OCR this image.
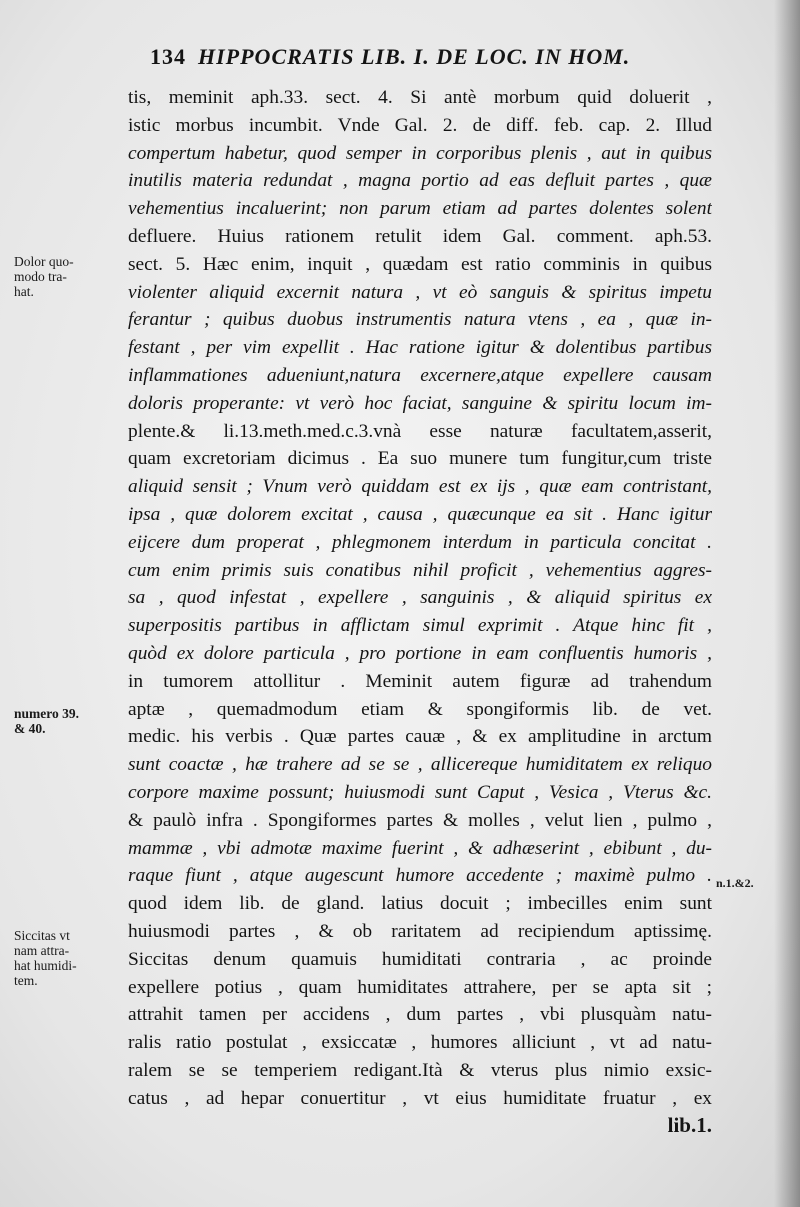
134 HIPPOCRATIS LIB. I. DE LOC. IN HOM.
tis, meminit aph.33. sect. 4. Si antè morbum quid doluerit ,
istic morbus incumbit. Vnde Gal. 2. de diff. feb. cap. 2. Illud
compertum habetur, quod semper in corporibus plenis , aut in quibus
inutilis materia redundat , magna portio ad eas defluit partes , quæ
vehementius incaluerint; non parum etiam ad partes dolentes solent
defluere. Huius rationem retulit idem Gal. comment. aph.53.
sect. 5. Hæc enim, inquit , quædam est ratio comminis in quibus
violenter aliquid excernit natura , vt eò sanguis & spiritus impetu
ferantur ; quibus duobus instrumentis natura vtens , ea , quæ in-
festant , per vim expellit . Hac ratione igitur & dolentibus partibus
inflammationes adueniunt,natura excernere,atque expellere causam
doloris properante: vt verò hoc faciat, sanguine & spiritu locum im-
plente.& li.13.meth.med.c.3.vnà esse naturæ facultatem,asserit,
quam excretoriam dicimus . Ea suo munere tum fungitur,cum triste
aliquid sensit ; Vnum verò quiddam est ex ijs , quæ eam contristant,
ipsa , quæ dolorem excitat , causa , quæcunque ea sit . Hanc igitur
eijcere dum properat , phlegmonem interdum in particula concitat .
cum enim primis suis conatibus nihil proficit , vehementius aggres-
sa , quod infestat , expellere , sanguinis , & aliquid spiritus ex
superpositis partibus in afflictam simul exprimit . Atque hinc fit ,
quòd ex dolore particula , pro portione in eam confluentis humoris ,
in tumorem attollitur . Meminit autem figuræ ad trahendum
aptæ , quemadmodum etiam & spongiformis lib. de vet.
medic. his verbis . Quæ partes cauæ , & ex amplitudine in arctum
sunt coactæ , hæ trahere ad se se , allicereque humiditatem ex reliquo
corpore maxime possunt; huiusmodi sunt Caput , Vesica , Vterus &c.
& paulò infra . Spongiformes partes & molles , velut lien , pulmo ,
mammæ , vbi admotæ maxime fuerint , & adhæserint , ebibunt , du-
raque fiunt , atque augescunt humore accedente ; maximè pulmo .
quod idem lib. de gland. latius docuit ; imbecilles enim sunt
huiusmodi partes , & ob raritatem ad recipiendum aptissimę.
Siccitas denum quamuis humiditati contraria , ac proinde
expellere potius , quam humiditates attrahere, per se apta sit ;
attrahit tamen per accidens , dum partes , vbi plusquàm natu-
ralis ratio postulat , exsiccatæ , humores alliciunt , vt ad natu-
ralem se se temperiem redigant.Ità & vterus plus nimio exsic-
catus , ad hepar conuertitur , vt eius humiditate fruatur , ex
lib.1.
Dolor quo-
modo tra-
hat.
numero 39.
& 40.
Siccitas vt
nam attra-
hat humidi-
tem.
n.1.&2.
